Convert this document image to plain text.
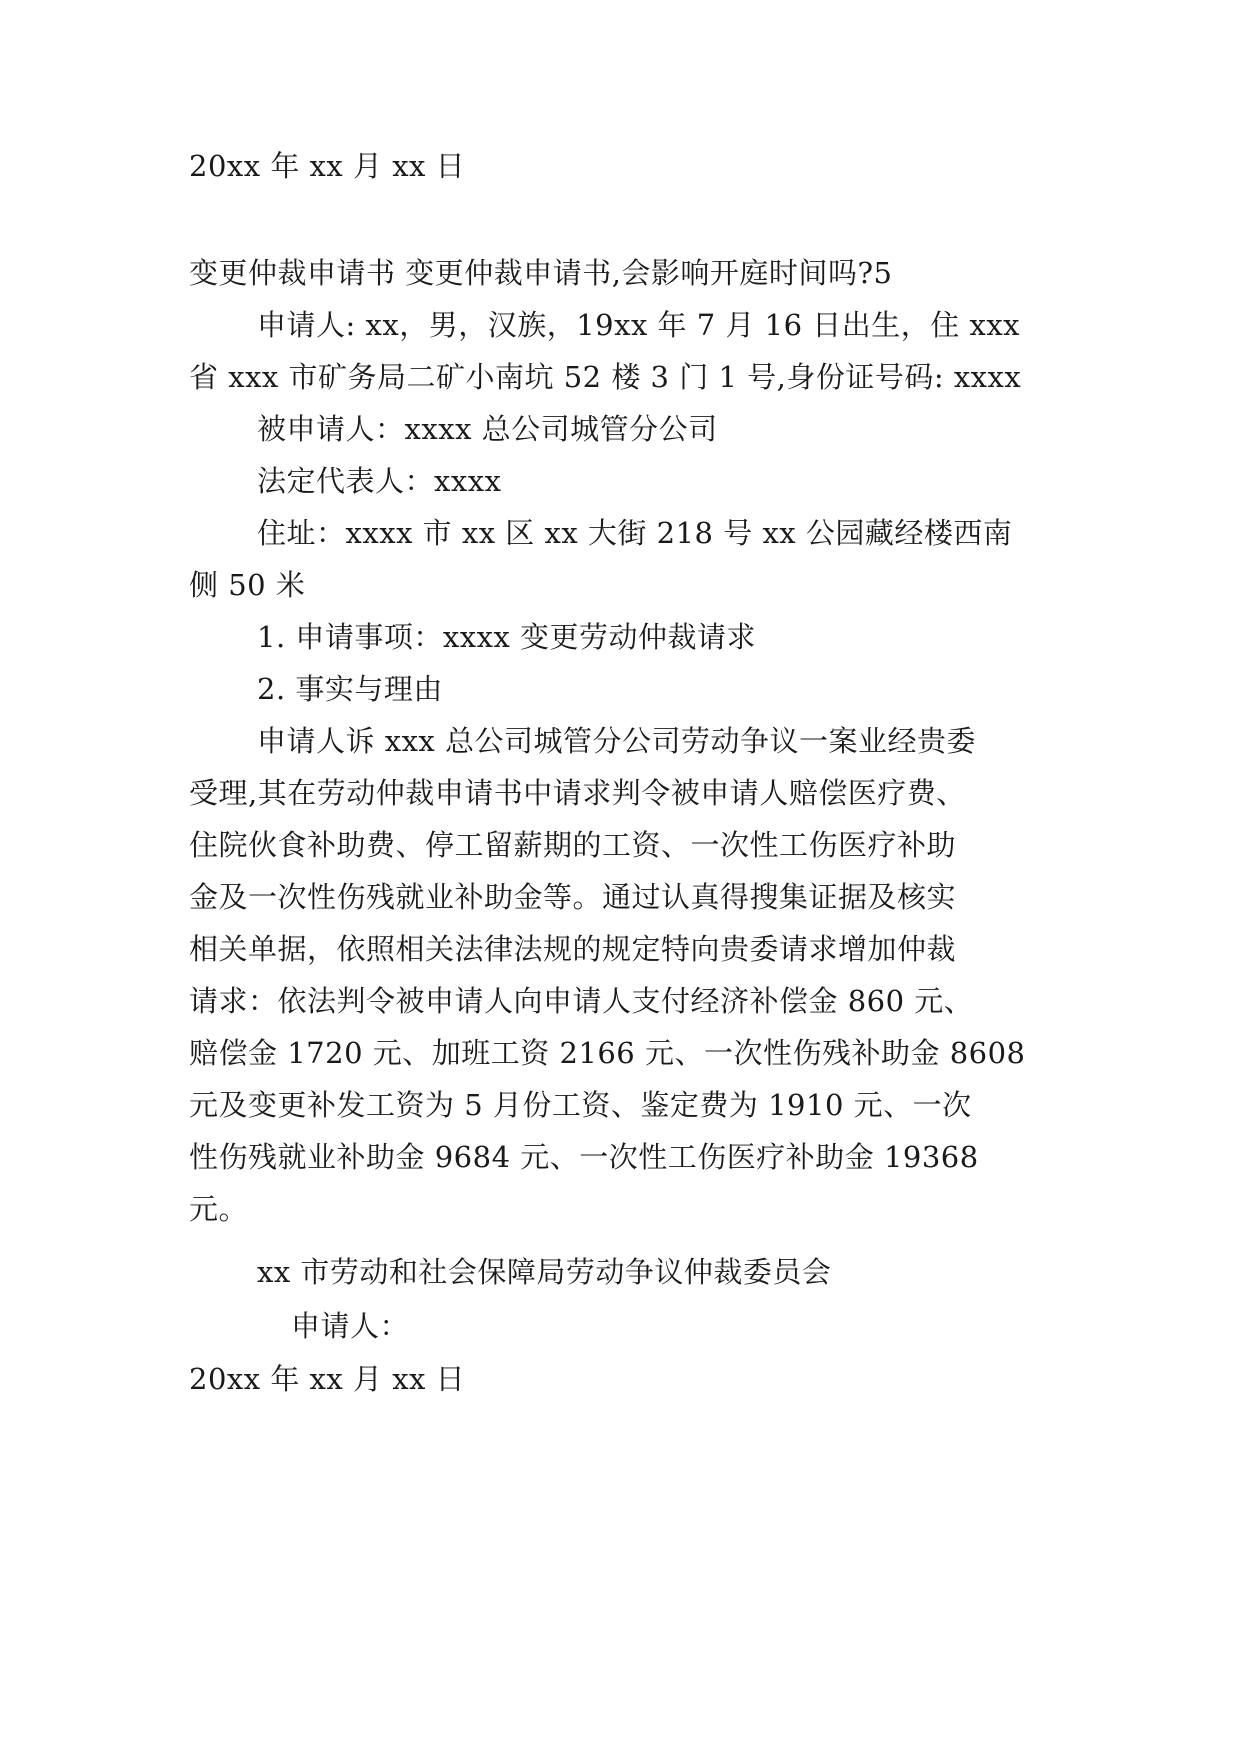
20xx 年 xx 月 xx 日
变更仲裁申请书 变更仲裁申请书,会影响开庭时间吗?5
申请人: xx，男，汉族，19xx 年 7 月 16 日出生，住 xxx
省 xxx 市矿务局二矿小南坑 52 楼 3 门 1 号,身份证号码: xxxx
被申请人：xxxx 总公司城管分公司
法定代表人：xxxx
住址：xxxx 市 xx 区 xx 大街 218 号 xx 公园藏经楼西南
侧 50 米
1. 申请事项：xxxx 变更劳动仲裁请求
2. 事实与理由
申请人诉 xxx 总公司城管分公司劳动争议一案业经贵委
受理,其在劳动仲裁申请书中请求判令被申请人赔偿医疗费、
住院伙食补助费、停工留薪期的工资、一次性工伤医疗补助
金及一次性伤残就业补助金等。通过认真得搜集证据及核实
相关单据，依照相关法律法规的规定特向贵委请求增加仲裁
请求：依法判令被申请人向申请人支付经济补偿金 860 元、
赔偿金 1720 元、加班工资 2166 元、一次性伤残补助金 8608
元及变更补发工资为 5 月份工资、鉴定费为 1910 元、一次
性伤残就业补助金 9684 元、一次性工伤医疗补助金 19368
元。
xx 市劳动和社会保障局劳动争议仲裁委员会
申请人：
20xx 年 xx 月 xx 日
